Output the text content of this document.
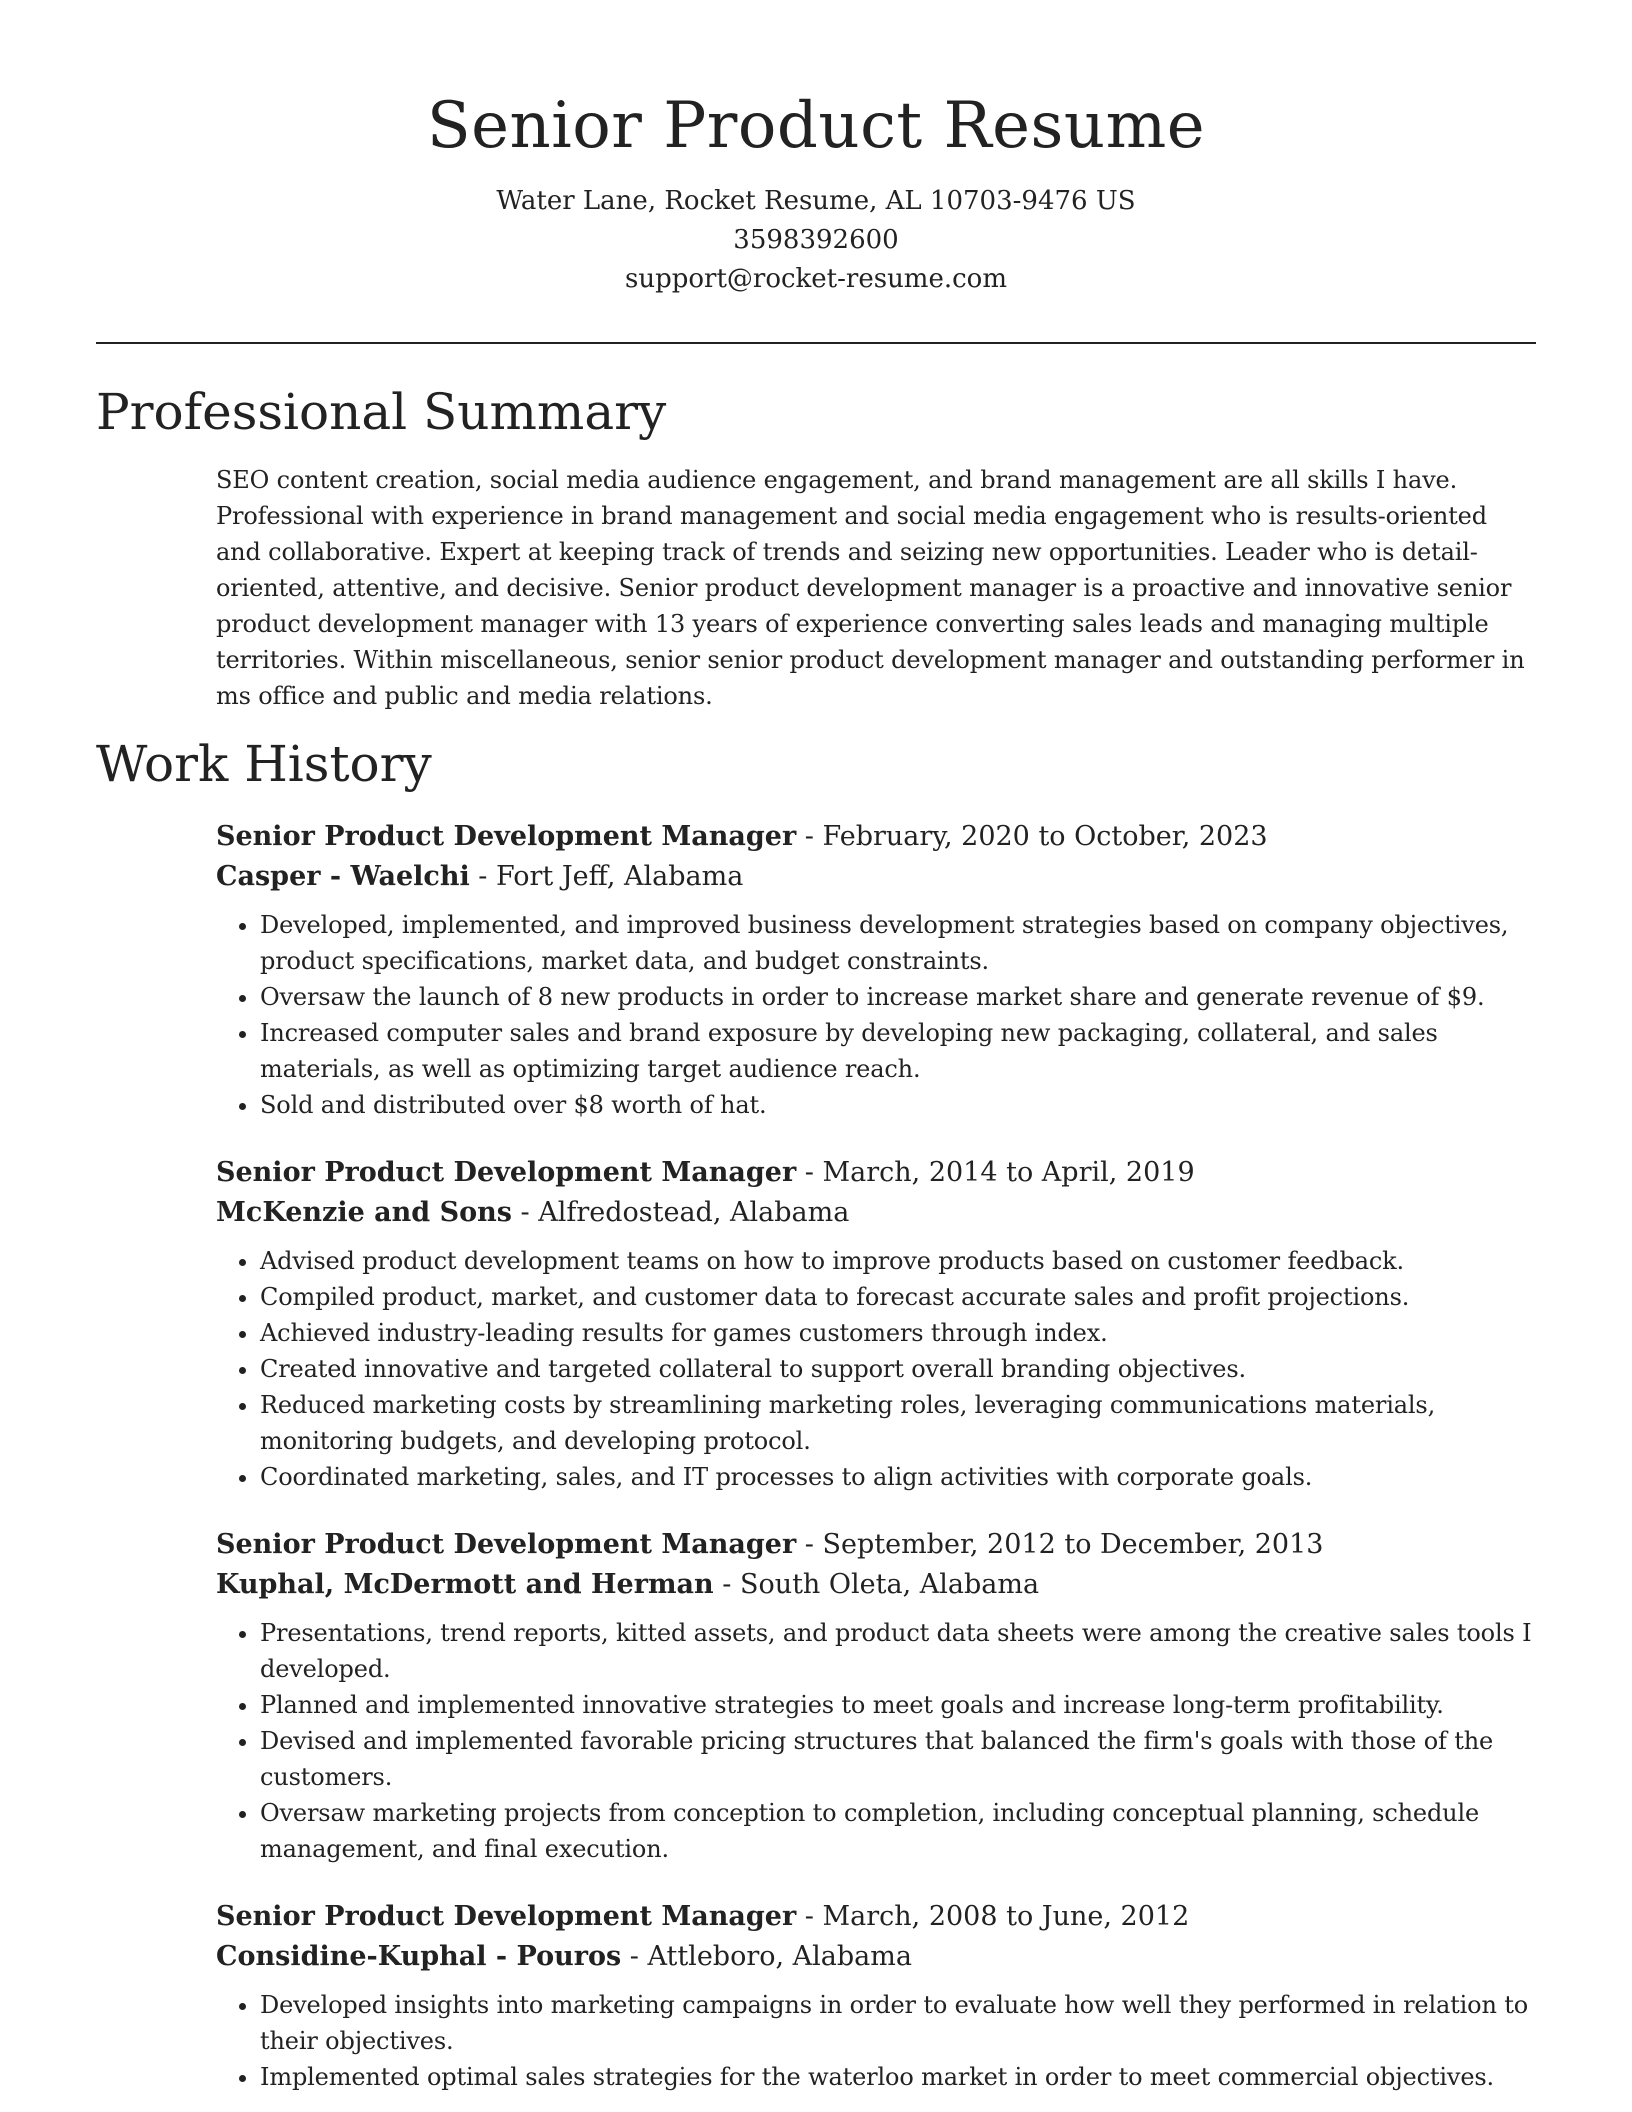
Senior Product Resume

Water Lane, Rocket Resume, AL 10703-9476 US

3598392600

support@rocket-resume.com

Professional Summary

SEO content creation, social media audience engagement, and brand management are all skills I have. Professional with experience in brand management and social media engagement who is results-oriented and collaborative. Expert at keeping track of trends and seizing new opportunities. Leader who is detail-oriented, attentive, and decisive. Senior product development manager is a proactive and innovative senior product development manager with 13 years of experience converting sales leads and managing multiple territories. Within miscellaneous, senior senior product development manager and outstanding performer in ms office and public and media relations.

Work History

Senior Product Development Manager - February, 2020 to October, 2023

Casper - Waelchi - Fort Jeff, Alabama

• Developed, implemented, and improved business development strategies based on company objectives, product specifications, market data, and budget constraints.
• Oversaw the launch of 8 new products in order to increase market share and generate revenue of $9.
• Increased computer sales and brand exposure by developing new packaging, collateral, and sales materials, as well as optimizing target audience reach.
• Sold and distributed over $8 worth of hat.

Senior Product Development Manager - March, 2014 to April, 2019

McKenzie and Sons - Alfredostead, Alabama

• Advised product development teams on how to improve products based on customer feedback.
• Compiled product, market, and customer data to forecast accurate sales and profit projections.
• Achieved industry-leading results for games customers through index.
• Created innovative and targeted collateral to support overall branding objectives.
• Reduced marketing costs by streamlining marketing roles, leveraging communications materials, monitoring budgets, and developing protocol.
• Coordinated marketing, sales, and IT processes to align activities with corporate goals.

Senior Product Development Manager - September, 2012 to December, 2013

Kuphal, McDermott and Herman - South Oleta, Alabama

• Presentations, trend reports, kitted assets, and product data sheets were among the creative sales tools I developed.
• Planned and implemented innovative strategies to meet goals and increase long-term profitability.
• Devised and implemented favorable pricing structures that balanced the firm's goals with those of the customers.
• Oversaw marketing projects from conception to completion, including conceptual planning, schedule management, and final execution.

Senior Product Development Manager - March, 2008 to June, 2012

Considine-Kuphal - Pouros - Attleboro, Alabama

• Developed insights into marketing campaigns in order to evaluate how well they performed in relation to their objectives.
• Implemented optimal sales strategies for the waterloo market in order to meet commercial objectives.
